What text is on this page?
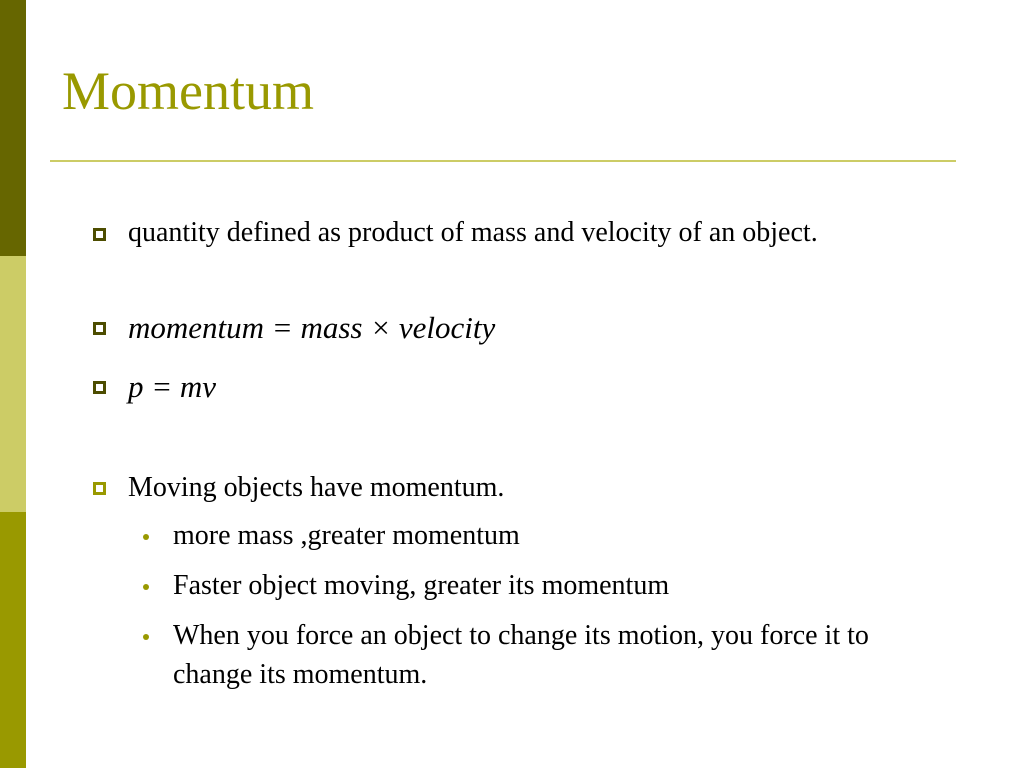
Momentum
quantity defined as product of mass and velocity of an object.
momentum = mass × velocity
p = mv
Moving objects have momentum.
more mass ,greater momentum
Faster object moving, greater its momentum
When you force an object to change its motion, you force it to change its momentum.
